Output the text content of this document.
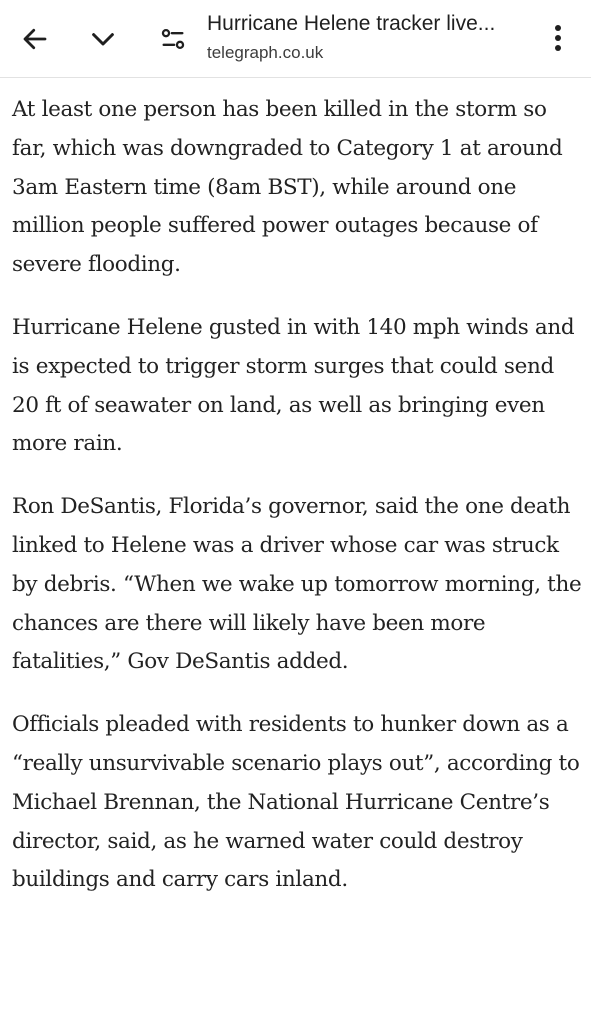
Hurricane Helene tracker live...
telegraph.co.uk

At least one person has been killed in the storm so far, which was downgraded to Category 1 at around 3am Eastern time (8am BST), while around one million people suffered power outages because of severe flooding.

Hurricane Helene gusted in with 140 mph winds and is expected to trigger storm surges that could send 20 ft of seawater on land, as well as bringing even more rain.

Ron DeSantis, Florida’s governor, said the one death linked to Helene was a driver whose car was struck by debris. “When we wake up tomorrow morning, the chances are there will likely have been more fatalities,” Gov DeSantis added.

Officials pleaded with residents to hunker down as a “really unsurvivable scenario plays out”, according to Michael Brennan, the National Hurricane Centre’s director, said, as he warned water could destroy buildings and carry cars inland.
